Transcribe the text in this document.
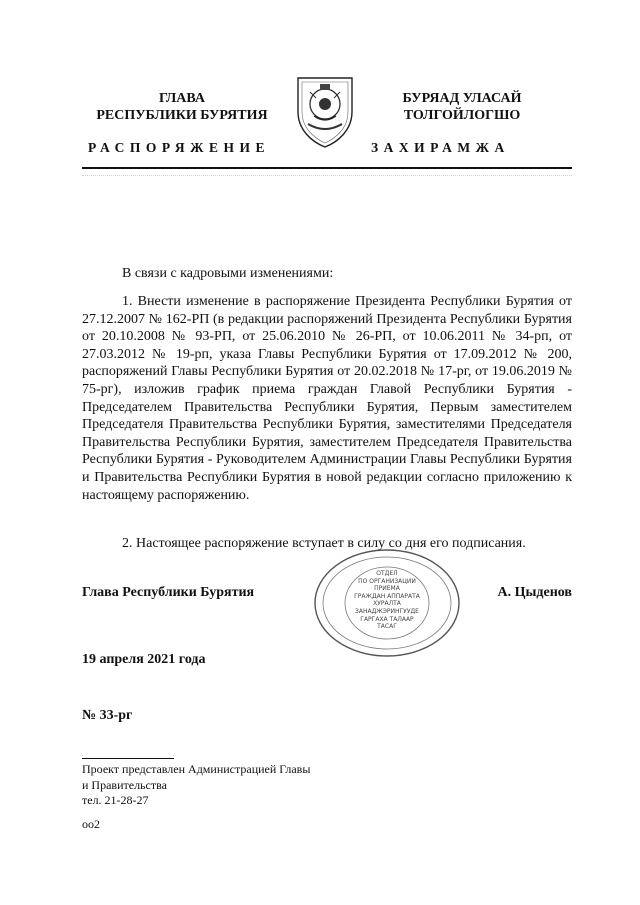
ГЛАВА
РЕСПУБЛИКИ БУРЯТИЯ
БУРЯАД УЛАСАЙ
ТОЛГОЙЛОГШО
РАСПОРЯЖЕНИЕ	ЗАХИРАМЖА
В связи с кадровыми изменениями:
1. Внести изменение в распоряжение Президента Республики Бурятия от 27.12.2007 № 162-РП (в редакции распоряжений Президента Республики Бурятия от 20.10.2008 № 93-РП, от 25.06.2010 № 26-РП, от 10.06.2011 № 34-рп, от 27.03.2012 № 19-рп, указа Главы Республики Бурятия от 17.09.2012 № 200, распоряжений Главы Республики Бурятия от 20.02.2018 № 17-рг, от 19.06.2019 № 75-рг), изложив график приема граждан Главой Республики Бурятия - Председателем Правительства Республики Бурятия, Первым заместителем Председателя Правительства Республики Бурятия, заместителями Председателя Правительства Республики Бурятия, заместителем Председателя Правительства Республики Бурятия - Руководителем Администрации Главы Республики Бурятия и Правительства Республики Бурятия в новой редакции согласно приложению к настоящему распоряжению.
2. Настоящее распоряжение вступает в силу со дня его подписания.
Глава Республики Бурятия	А. Цыденов
ОТДЕЛ
ПО ОРГАНИЗАЦИИ
ПРИЕМА
ГРАЖДАН АППАРАТА
ХУРАЛТА
ЗАНАДЖЭРИНГУУДЕ
ГАРГАХА ТАЛААР
ТАСАГ
19 апреля 2021 года
№ 33-рг
Проект представлен Администрацией Главы
и Правительства
тел. 21-28-27
оо2
